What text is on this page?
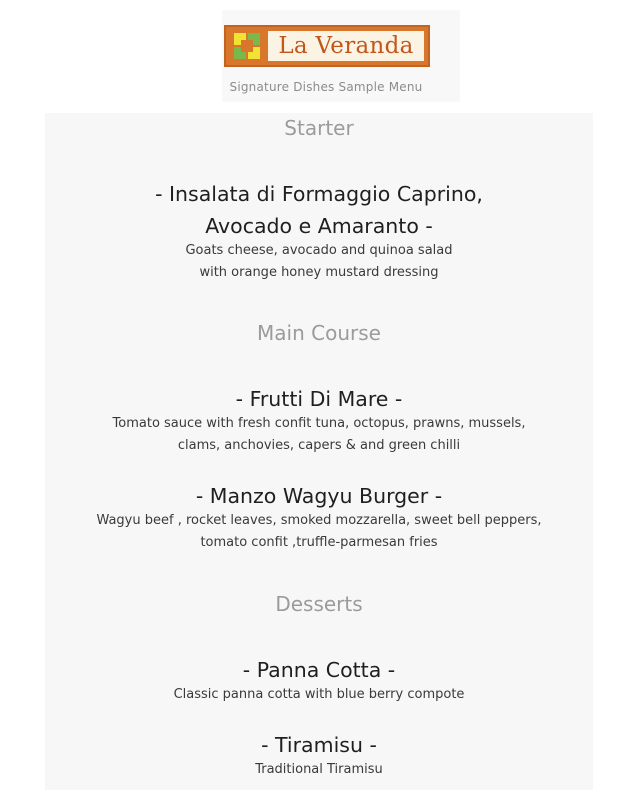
La Veranda
Signature Dishes Sample Menu
Starter
- Insalata di Formaggio Caprino,
Avocado e Amaranto -
Goats cheese, avocado and quinoa salad
with orange honey mustard dressing
Main Course
- Frutti Di Mare -
Tomato sauce with fresh confit tuna, octopus, prawns, mussels,
clams, anchovies, capers & and green chilli
- Manzo Wagyu Burger -
Wagyu beef , rocket leaves, smoked mozzarella, sweet bell peppers,
tomato confit ,truffle-parmesan fries
Desserts
- Panna Cotta -
Classic panna cotta with blue berry compote
- Tiramisu -
Traditional Tiramisu
